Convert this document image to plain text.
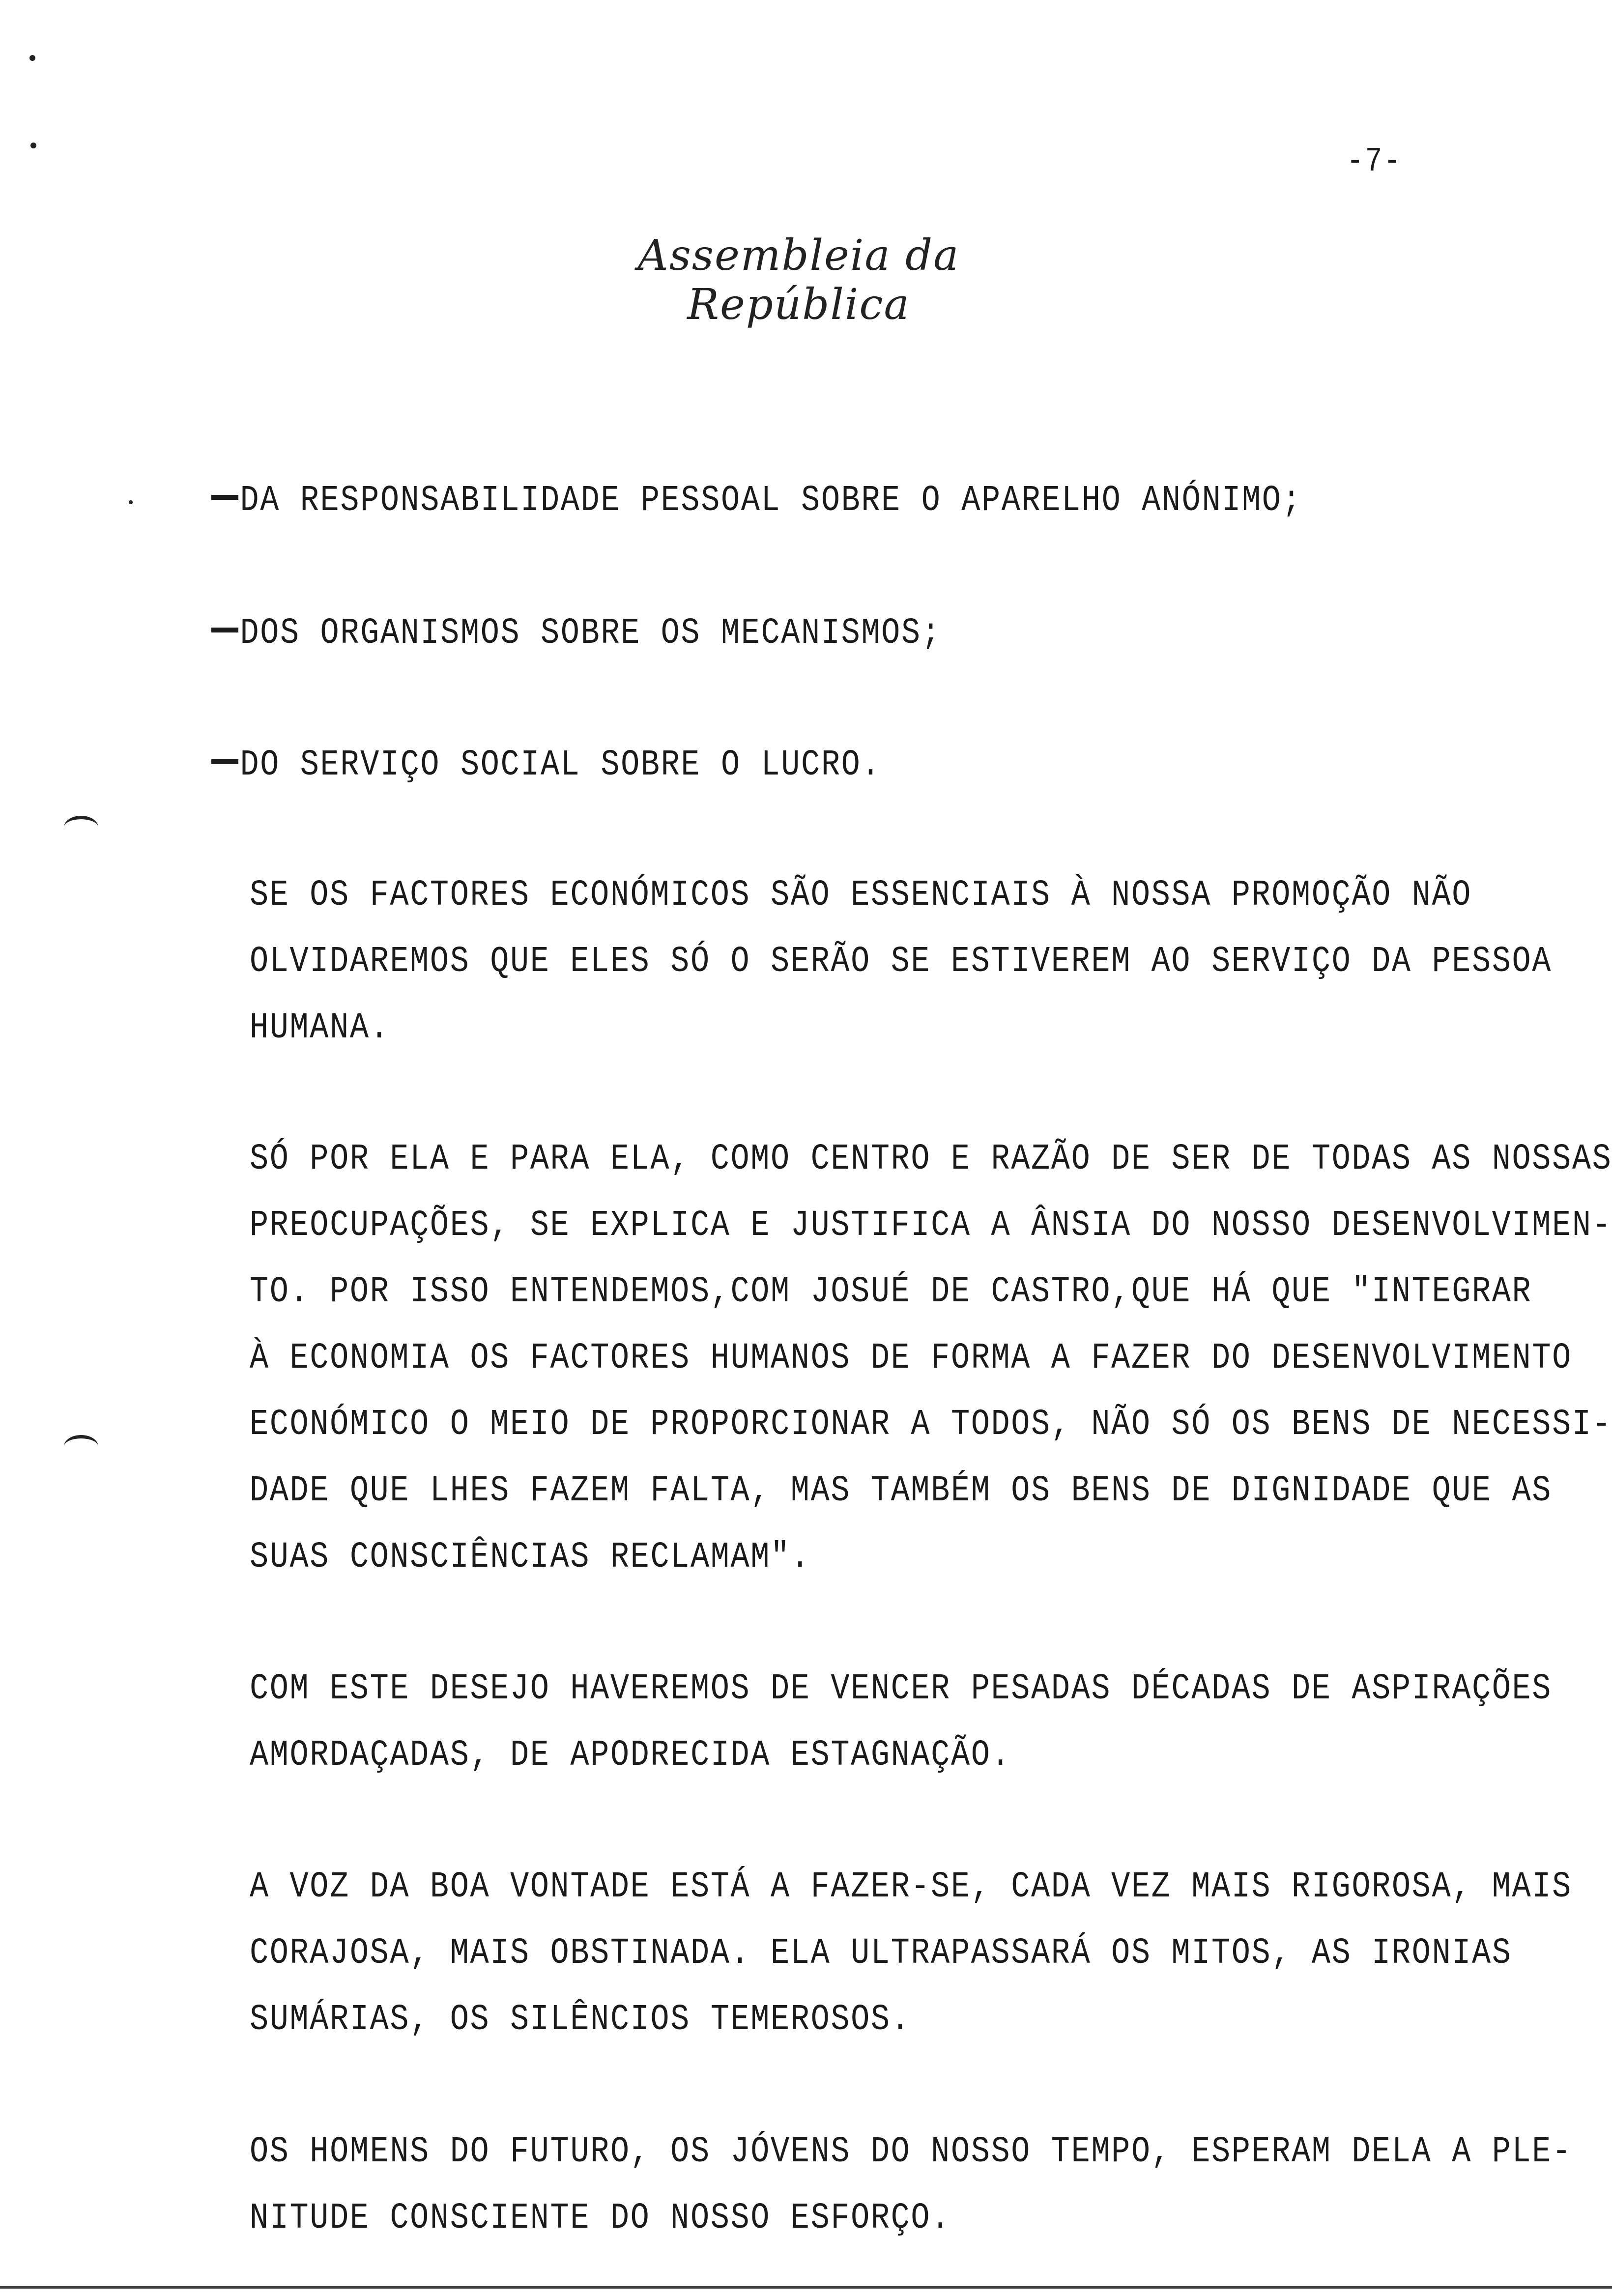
-7-
Assembleia da República
DA RESPONSABILIDADE PESSOAL SOBRE O APARELHO ANÓNIMO;
DOS ORGANISMOS SOBRE OS MECANISMOS;
DO SERVIÇO SOCIAL SOBRE O LUCRO.
SE OS FACTORES ECONÓMICOS SÃO ESSENCIAIS À NOSSA PROMOÇÃO NÃO
OLVIDAREMOS QUE ELES SÓ O SERÃO SE ESTIVEREM AO SERVIÇO DA PESSOA
HUMANA.
SÓ POR ELA E PARA ELA, COMO CENTRO E RAZÃO DE SER DE TODAS AS NOSSAS
PREOCUPAÇÕES, SE EXPLICA E JUSTIFICA A ÂNSIA DO NOSSO DESENVOLVIMEN-
TO. POR ISSO ENTENDEMOS,COM JOSUÉ DE CASTRO,QUE HÁ QUE "INTEGRAR
À ECONOMIA OS FACTORES HUMANOS DE FORMA A FAZER DO DESENVOLVIMENTO
ECONÓMICO O MEIO DE PROPORCIONAR A TODOS, NÃO SÓ OS BENS DE NECESSI-
DADE QUE LHES FAZEM FALTA, MAS TAMBÉM OS BENS DE DIGNIDADE QUE AS
SUAS CONSCIÊNCIAS RECLAMAM".
COM ESTE DESEJO HAVEREMOS DE VENCER PESADAS DÉCADAS DE ASPIRAÇÕES
AMORDAÇADAS, DE APODRECIDA ESTAGNAÇÃO.
A VOZ DA BOA VONTADE ESTÁ A FAZER-SE, CADA VEZ MAIS RIGOROSA, MAIS
CORAJOSA, MAIS OBSTINADA. ELA ULTRAPASSARÁ OS MITOS, AS IRONIAS
SUMÁRIAS, OS SILÊNCIOS TEMEROSOS.
OS HOMENS DO FUTURO, OS JÓVENS DO NOSSO TEMPO, ESPERAM DELA A PLE-
NITUDE CONSCIENTE DO NOSSO ESFORÇO.
